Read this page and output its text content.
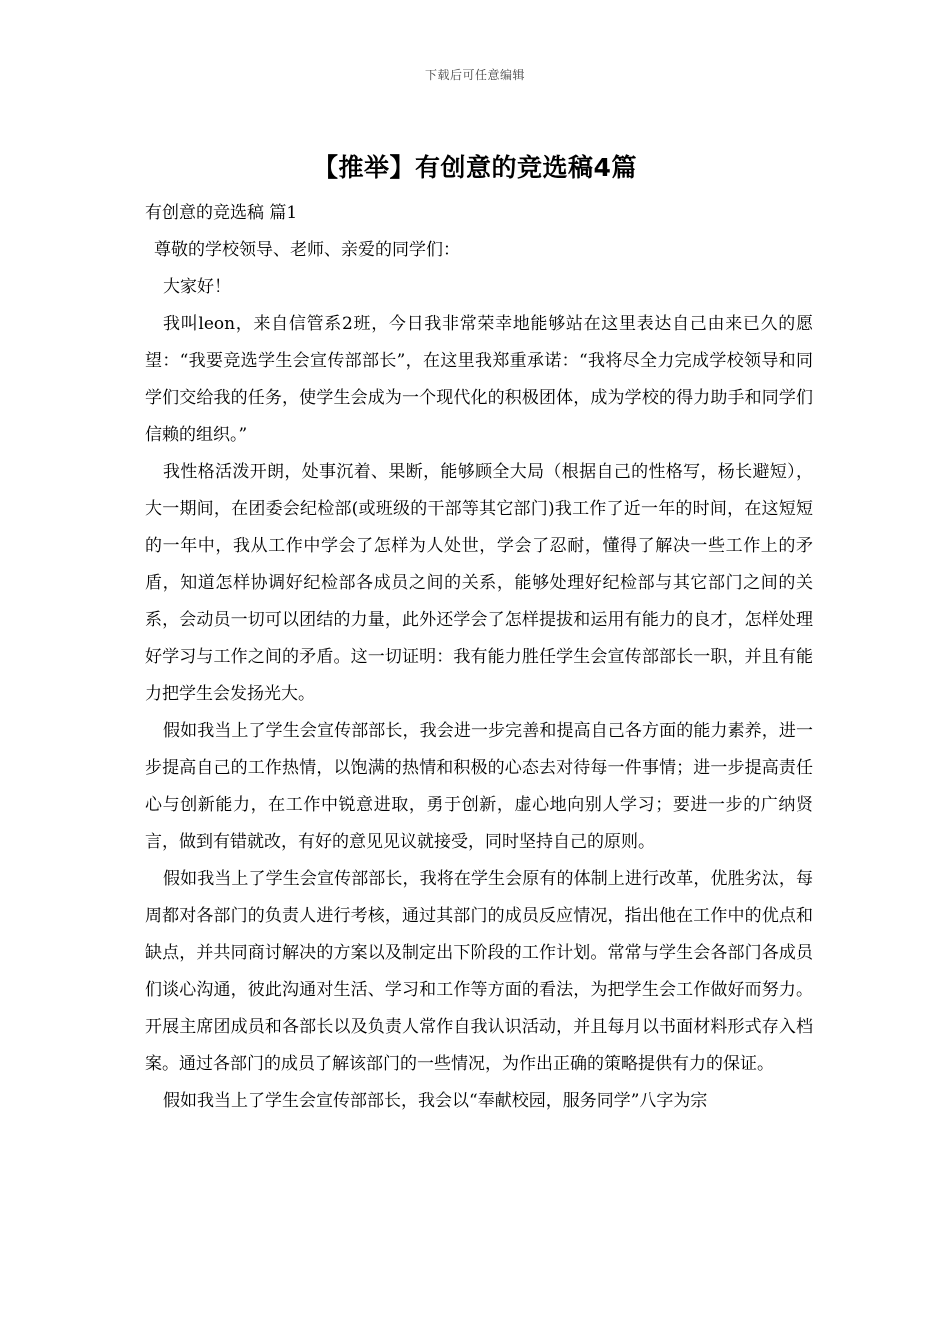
下载后可任意编辑
【推举】有创意的竞选稿4篇

有创意的竞选稿 篇1

尊敬的学校领导、老师、亲爱的同学们：

大家好！

我叫leon，来自信管系2班，今日我非常荣幸地能够站在这里表达自己由来已久的愿望：“我要竞选学生会宣传部部长”，在这里我郑重承诺：“我将尽全力完成学校领导和同学们交给我的任务，使学生会成为一个现代化的积极团体，成为学校的得力助手和同学们信赖的组织。”

我性格活泼开朗，处事沉着、果断，能够顾全大局（根据自己的性格写，杨长避短），大一期间，在团委会纪检部(或班级的干部等其它部门)我工作了近一年的时间，在这短短的一年中，我从工作中学会了怎样为人处世，学会了忍耐，懂得了解决一些工作上的矛盾，知道怎样协调好纪检部各成员之间的关系，能够处理好纪检部与其它部门之间的关系，会动员一切可以团结的力量，此外还学会了怎样提拔和运用有能力的良才，怎样处理好学习与工作之间的矛盾。这一切证明：我有能力胜任学生会宣传部部长一职，并且有能力把学生会发扬光大。

假如我当上了学生会宣传部部长，我会进一步完善和提高自己各方面的能力素养，进一步提高自己的工作热情，以饱满的热情和积极的心态去对待每一件事情；进一步提高责任心与创新能力，在工作中锐意进取，勇于创新，虚心地向别人学习；要进一步的广纳贤言，做到有错就改，有好的意见见议就接受，同时坚持自己的原则。

假如我当上了学生会宣传部部长，我将在学生会原有的体制上进行改革，优胜劣汰，每周都对各部门的负责人进行考核，通过其部门的成员反应情况，指出他在工作中的优点和缺点，并共同商讨解决的方案以及制定出下阶段的工作计划。常常与学生会各部门各成员们谈心沟通，彼此沟通对生活、学习和工作等方面的看法，为把学生会工作做好而努力。开展主席团成员和各部长以及负责人常作自我认识活动，并且每月以书面材料形式存入档案。通过各部门的成员了解该部门的一些情况，为作出正确的策略提供有力的保证。

假如我当上了学生会宣传部部长，我会以“奉献校园，服务同学”八字为宗
